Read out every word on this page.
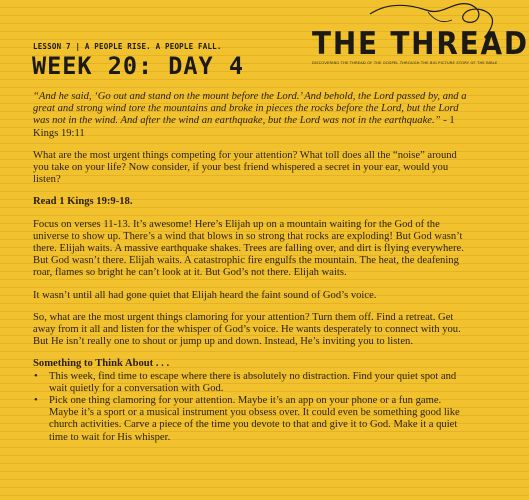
THE THREAD
DISCOVERING THE THREAD OF THE GOSPEL THROUGH THE BIG PICTURE STORY OF THE BIBLE
LESSON 7 | A PEOPLE RISE. A PEOPLE FALL.
WEEK 20: DAY 4

“And he said, ‘Go out and stand on the mount before the Lord.’ And behold, the Lord passed by, and a great and strong wind tore the mountains and broke in pieces the rocks before the Lord, but the Lord was not in the wind. And after the wind an earthquake, but the Lord was not in the earthquake.” - 1 Kings 19:11

What are the most urgent things competing for your attention? What toll does all the “noise” around you take on your life? Now consider, if your best friend whispered a secret in your ear, would you listen?

Read 1 Kings 19:9-18.

Focus on verses 11-13. It’s awesome! Here’s Elijah up on a mountain waiting for the God of the universe to show up. There’s a wind that blows in so strong that rocks are exploding! But God wasn’t there. Elijah waits. A massive earthquake shakes. Trees are falling over, and dirt is flying everywhere. But God wasn’t there. Elijah waits. A catastrophic fire engulfs the mountain. The heat, the deafening roar, flames so bright he can’t look at it. But God’s not there. Elijah waits.

It wasn’t until all had gone quiet that Elijah heard the faint sound of God’s voice.

So, what are the most urgent things clamoring for your attention? Turn them off. Find a retreat. Get away from it all and listen for the whisper of God’s voice. He wants desperately to connect with you. But He isn’t really one to shout or jump up and down. Instead, He’s inviting you to listen.

Something to Think About . . .
• This week, find time to escape where there is absolutely no distraction. Find your quiet spot and wait quietly for a conversation with God.
• Pick one thing clamoring for your attention. Maybe it’s an app on your phone or a fun game. Maybe it’s a sport or a musical instrument you obsess over. It could even be something good like church activities. Carve a piece of the time you devote to that and give it to God. Make it a quiet time to wait for His whisper.
